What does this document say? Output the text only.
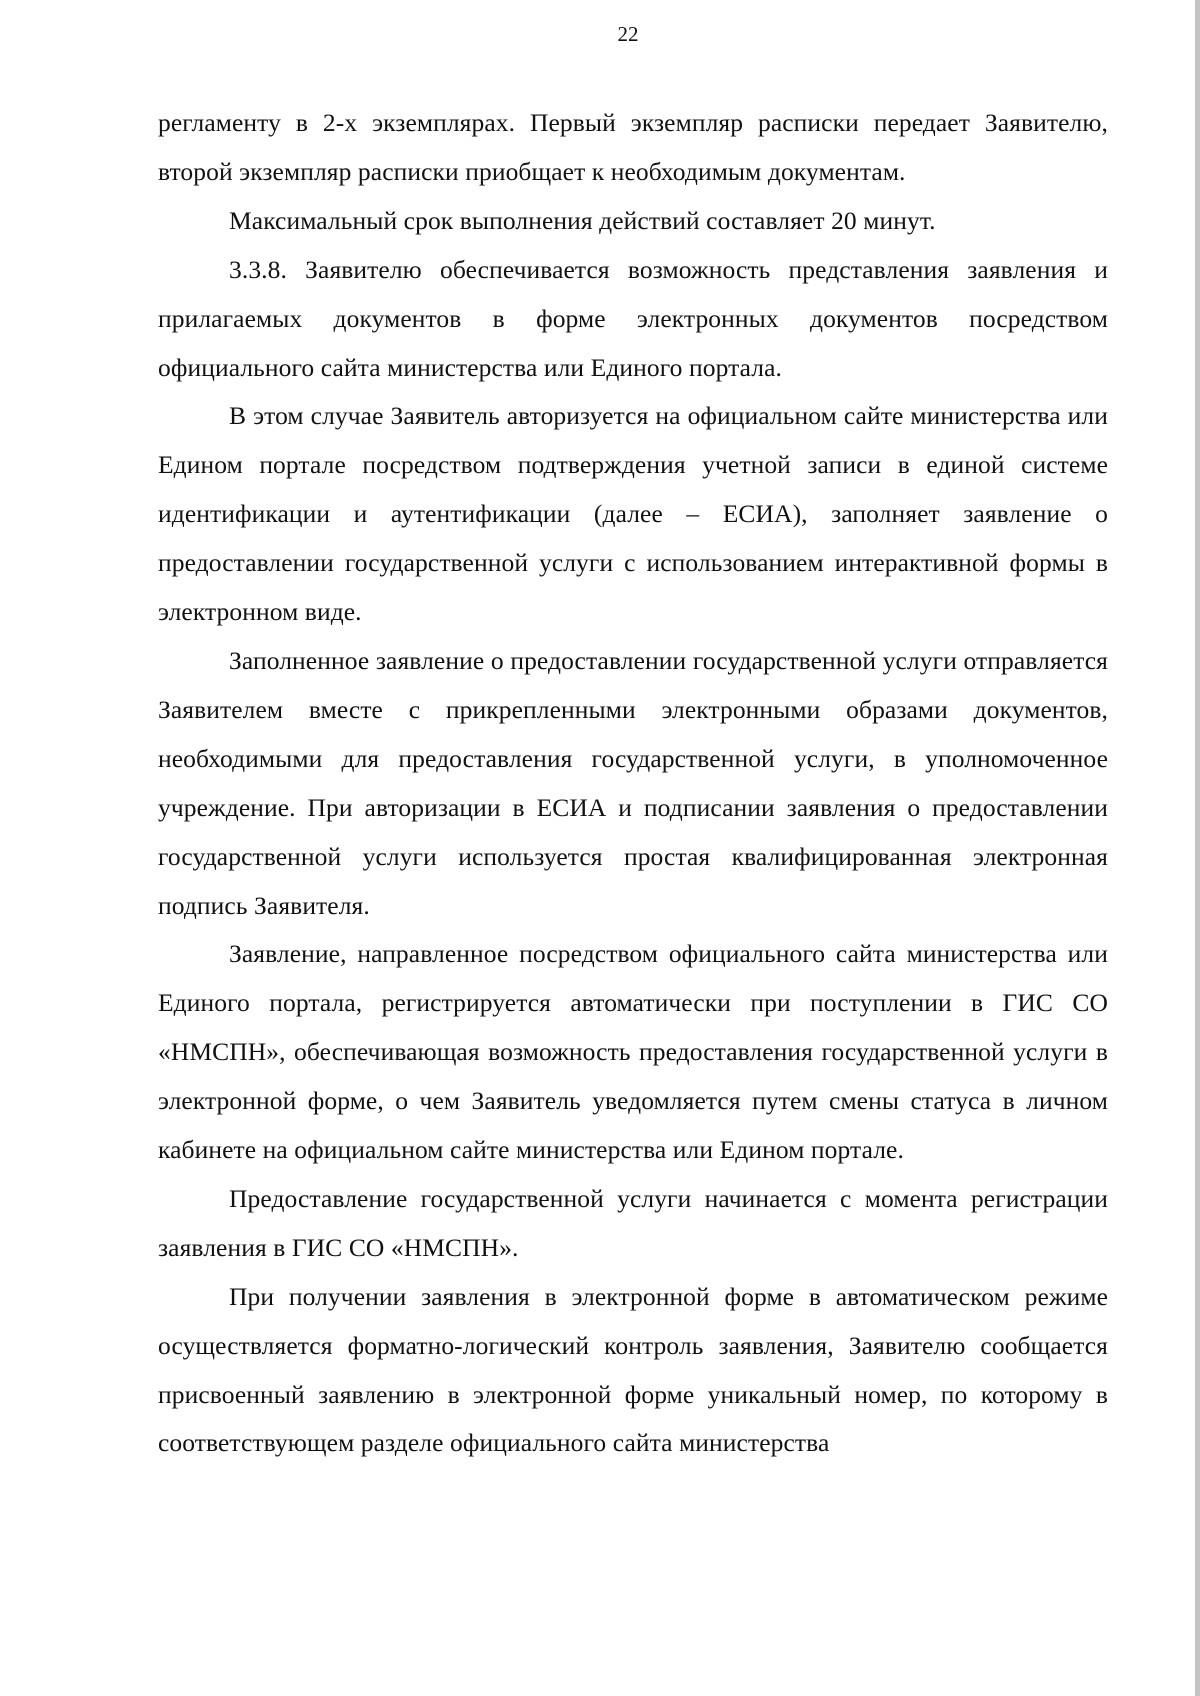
22

регламенту в 2-х экземплярах. Первый экземпляр расписки передает Заявителю, второй экземпляр расписки приобщает к необходимым документам.

Максимальный срок выполнения действий составляет 20 минут.

3.3.8. Заявителю обеспечивается возможность представления заявления и прилагаемых документов в форме электронных документов посредством официального сайта министерства или Единого портала.

В этом случае Заявитель авторизуется на официальном сайте министерства или Едином портале посредством подтверждения учетной записи в единой системе идентификации и аутентификации (далее – ЕСИА), заполняет заявление о предоставлении государственной услуги с использованием интерактивной формы в электронном виде.

Заполненное заявление о предоставлении государственной услуги отправляется Заявителем вместе с прикрепленными электронными образами документов, необходимыми для предоставления государственной услуги, в уполномоченное учреждение. При авторизации в ЕСИА и подписании заявления о предоставлении государственной услуги используется простая квалифицированная электронная подпись Заявителя.

Заявление, направленное посредством официального сайта министерства или Единого портала, регистрируется автоматически при поступлении в ГИС СО «НМСПН», обеспечивающая возможность предоставления государственной услуги в электронной форме, о чем Заявитель уведомляется путем смены статуса в личном кабинете на официальном сайте министерства или Едином портале.

Предоставление государственной услуги начинается с момента регистрации заявления в ГИС СО «НМСПН».

При получении заявления в электронной форме в автоматическом режиме осуществляется форматно-логический контроль заявления, Заявителю сообщается присвоенный заявлению в электронной форме уникальный номер, по которому в соответствующем разделе официального сайта министерства
